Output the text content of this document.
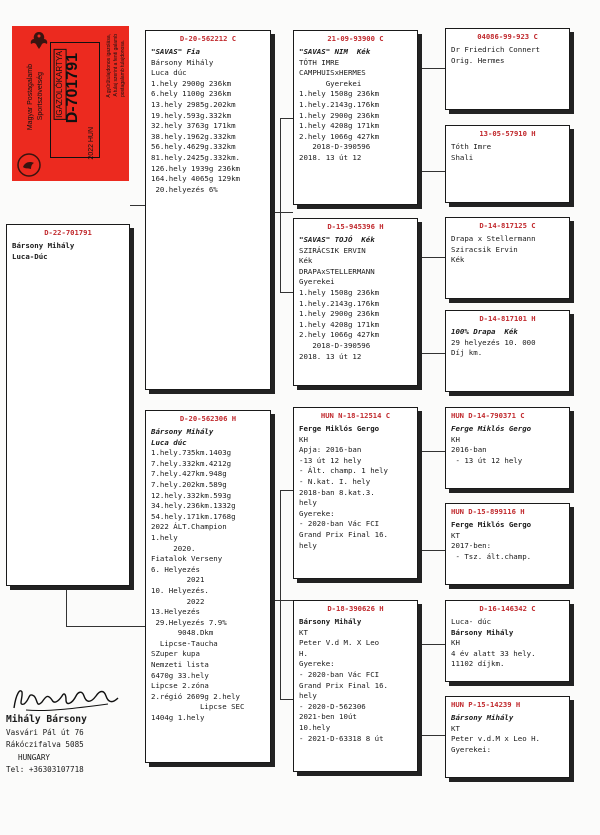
Magyar Postagalamb Sportszövetség	IGAZOLÓKARTYA D-701791
HUN
2022
A gyűrűtulajdonos igazolása, A tulaj szerint a fenti galamb postagalamb tulajdonosa.
D-22-701791
Bársony Mihály
Luca-Dúc
D-20-562212 C
"SAVAS" Fia
Bársony Mihály
Luca dúc
1.hely 2900g 236km
6.hely 1100g 236km
13.hely 2985g.202km
19.hely.593g.332km
32.hely 3763g 171km
38.hely.1962g.332km
56.hely.4629g.332km
81.hely.2425g.332km.
126.hely 1939g 236km
164.hely 4065g 129km
20.helyezés 6%
D-20-562306 H
Bársony Mihály
Luca dúc
1.hely.735km.1403g
7.hely.332km.4212g
7.hely.427km.948g
7.hely.202km.589g
12.hely.332km.593g
34.hely.236km.1332g
54.hely.171km.1768g
2022 ÁLT.Champion
1.hely
2020.
Fiatalok Verseny
6. Helyezés
2021
10. Helyezés.
2022
13.Helyezés
29.Helyezés 7.9%
9048.Dkm
Lipcse-Taucha
SZuper kupa
Nemzeti lista
6470g 33.hely
Lipcse 2.zóna
2.régió 2609g 2.hely
Lipcse SEC
1404g 1.hely
21-09-93900 C
"SAVAS" NIM  Kék
TÓTH IMRE
CAMPHUISxHERMES
Gyerekei
1.hely 1508g 236km
1.hely.2143g.176km
1.hely 2900g 236km
1.hely 4208g 171km
2.hely 1066g 427km
2018-D-390596
2018. 13 út 12
D-15-945396 H
"SAVAS" TOJÓ  Kék
SZIRÁCSIK ERVIN
Kék
DRAPAxSTELLERMANN
Gyerekei
1.hely 1508g 236km
1.hely.2143g.176km
1.hely 2900g 236km
1.hely 4208g 171km
2.hely 1066g 427km
2018-D-390596
2018. 13 út 12
HUN N-18-12514 C
Ferge Miklós Gergo
KH
Apja: 2016-ban
-13 út 12 hely
- Ált. champ. 1 hely
- N.kat. I. hely
2018-ban 8.kat.3.
hely
Gyereke:
- 2020-ban Vác FCI
Grand Prix Final 16.
hely
D-18-390626 H
Bársony Mihály
KT
Peter V.d M. X Leo
H.
Gyereke:
- 2020-ban Vác FCI
Grand Prix Final 16.
hely
- 2020-D-562306
2021-ben 10út
10.hely
- 2021-D-63318 8 út
04086-99-923 C
Dr Friedrich Connert
Orig. Hermes
13-05-57910 H
Tóth Imre
Shali
D-14-817125 C
Drapa x Stellermann
Sziracsik Ervin
Kék
D-14-817101 H
100% Drapa  Kék
29 helyezés 10. 000
Díj km.
HUN D-14-790371 C
Ferge Miklós Gergo
KH
2016-ban
- 13 út 12 hely
HUN D-15-899116 H
Ferge Miklós Gergo
KT
2017-ben:
- Tsz. ált.champ.
D-16-146342 C
Luca- dúc
Bársony Mihály
KH
4 év alatt 33 hely.
11102 díjkm.
HUN P-15-14239 H
Bársony Mihály
KT
Peter v.d.M x Leo H.
Gyerekei:
Mihály Bársony
Vasvári Pál út 76
Rákóczifalva 5085
HUNGARY
Tel: +36303107718
